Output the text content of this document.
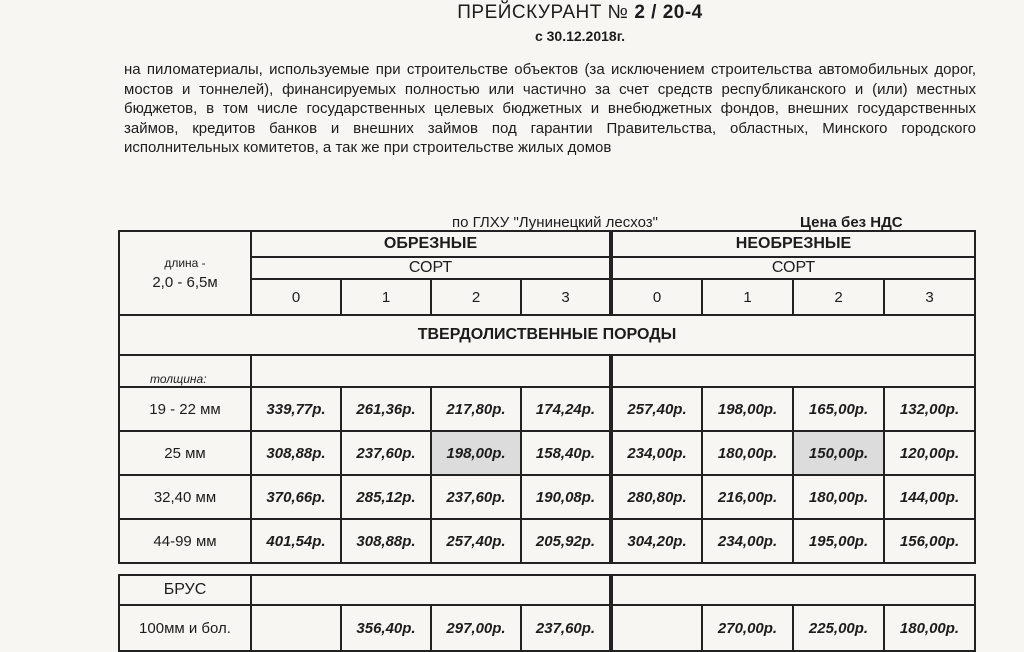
ПРЕЙСКУРАНТ № 2 / 20-4
с 30.12.2018г.
на пиломатериалы, используемые при строительстве объектов (за исключением строительства автомобильных дорог, мостов и тоннелей), финансируемых полностью или частично за счет средств республиканского и (или) местных бюджетов, в том числе государственных целевых бюджетных и внебюджетных фондов, внешних государственных займов, кредитов банков и внешних займов под гарантии Правительства, областных, Минского городского исполнительных комитетов, а так же при строительстве жилых домов
по ГЛХУ "Лунинецкий лесхоз"	Цена без НДС
длина -
2,0 - 6,5м	ОБРЕЗНЫЕ				НЕОБРЕЗНЫЕ			
	СОРТ				СОРТ			
	0	1	2	3	0	1	2	3
ТВЕРДОЛИСТВЕННЫЕ ПОРОДЫ								
толщина:								
19 - 22 мм	339,77р.	261,36р.	217,80р.	174,24р.	257,40р.	198,00р.	165,00р.	132,00р.
25 мм	308,88р.	237,60р.	198,00р.	158,40р.	234,00р.	180,00р.	150,00р.	120,00р.
32,40 мм	370,66р.	285,12р.	237,60р.	190,08р.	280,80р.	216,00р.	180,00р.	144,00р.
44-99 мм	401,54р.	308,88р.	257,40р.	205,92р.	304,20р.	234,00р.	195,00р.	156,00р.
БРУС								
100мм и бол.		356,40р.	297,00р.	237,60р.		270,00р.	225,00р.	180,00р.
